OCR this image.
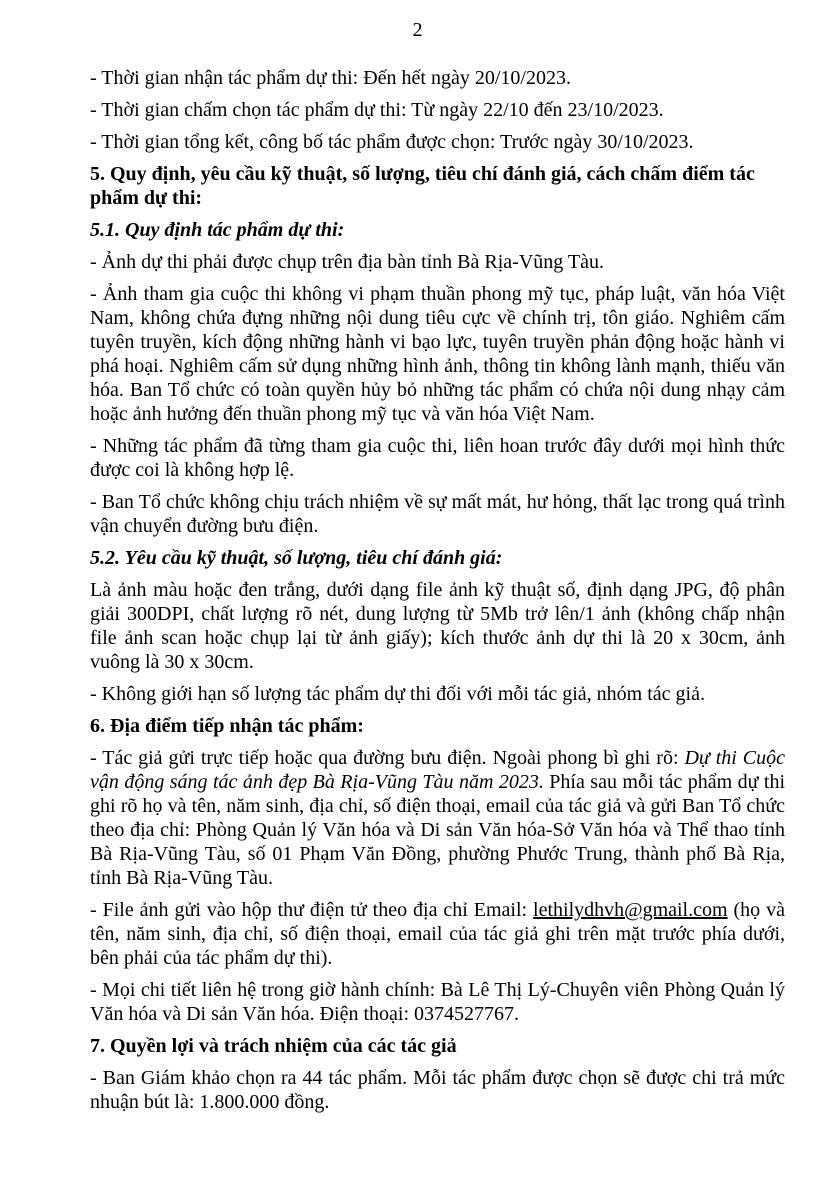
2

- Thời gian nhận tác phẩm dự thi: Đến hết ngày 20/10/2023.

- Thời gian chấm chọn tác phẩm dự thi: Từ ngày 22/10 đến 23/10/2023.

- Thời gian tổng kết, công bố tác phẩm được chọn: Trước ngày 30/10/2023.

5. Quy định, yêu cầu kỹ thuật, số lượng, tiêu chí đánh giá, cách chấm điểm tác phẩm dự thi:

5.1. Quy định tác phẩm dự thi:

- Ảnh dự thi phải được chụp trên địa bàn tỉnh Bà Rịa-Vũng Tàu.

- Ảnh tham gia cuộc thi không vi phạm thuần phong mỹ tục, pháp luật, văn hóa Việt Nam, không chứa đựng những nội dung tiêu cực về chính trị, tôn giáo. Nghiêm cấm tuyên truyền, kích động những hành vi bạo lực, tuyên truyền phản động hoặc hành vi phá hoại. Nghiêm cấm sử dụng những hình ảnh, thông tin không lành mạnh, thiếu văn hóa. Ban Tổ chức có toàn quyền hủy bỏ những tác phẩm có chứa nội dung nhạy cảm hoặc ảnh hưởng đến thuần phong mỹ tục và văn hóa Việt Nam.

- Những tác phẩm đã từng tham gia cuộc thi, liên hoan trước đây dưới mọi hình thức được coi là không hợp lệ.

- Ban Tổ chức không chịu trách nhiệm về sự mất mát, hư hỏng, thất lạc trong quá trình vận chuyển đường bưu điện.

5.2. Yêu cầu kỹ thuật, số lượng, tiêu chí đánh giá:

Là ảnh màu hoặc đen trắng, dưới dạng file ảnh kỹ thuật số, định dạng JPG, độ phân giải 300DPI, chất lượng rõ nét, dung lượng từ 5Mb trở lên/1 ảnh (không chấp nhận file ảnh scan hoặc chụp lại từ ảnh giấy); kích thước ảnh dự thi là 20 x 30cm, ảnh vuông là 30 x 30cm.

- Không giới hạn số lượng tác phẩm dự thi đối với mỗi tác giả, nhóm tác giả.

6. Địa điểm tiếp nhận tác phẩm:

- Tác giả gửi trực tiếp hoặc qua đường bưu điện. Ngoài phong bì ghi rõ: Dự thi Cuộc vận động sáng tác ảnh đẹp Bà Rịa-Vũng Tàu năm 2023. Phía sau mỗi tác phẩm dự thi ghi rõ họ và tên, năm sinh, địa chỉ, số điện thoại, email của tác giả và gửi Ban Tổ chức theo địa chỉ: Phòng Quản lý Văn hóa và Di sản Văn hóa-Sở Văn hóa và Thể thao tỉnh Bà Rịa-Vũng Tàu, số 01 Phạm Văn Đồng, phường Phước Trung, thành phố Bà Rịa, tỉnh Bà Rịa-Vũng Tàu.

- File ảnh gửi vào hộp thư điện tử theo địa chỉ Email: lethilydhvh@gmail.com (họ và tên, năm sinh, địa chỉ, số điện thoại, email của tác giả ghi trên mặt trước phía dưới, bên phải của tác phẩm dự thi).

- Mọi chi tiết liên hệ trong giờ hành chính: Bà Lê Thị Lý-Chuyên viên Phòng Quản lý Văn hóa và Di sản Văn hóa. Điện thoại: 0374527767.

7. Quyền lợi và trách nhiệm của các tác giả

- Ban Giám khảo chọn ra 44 tác phẩm. Mỗi tác phẩm được chọn sẽ được chi trả mức nhuận bút là: 1.800.000 đồng.
